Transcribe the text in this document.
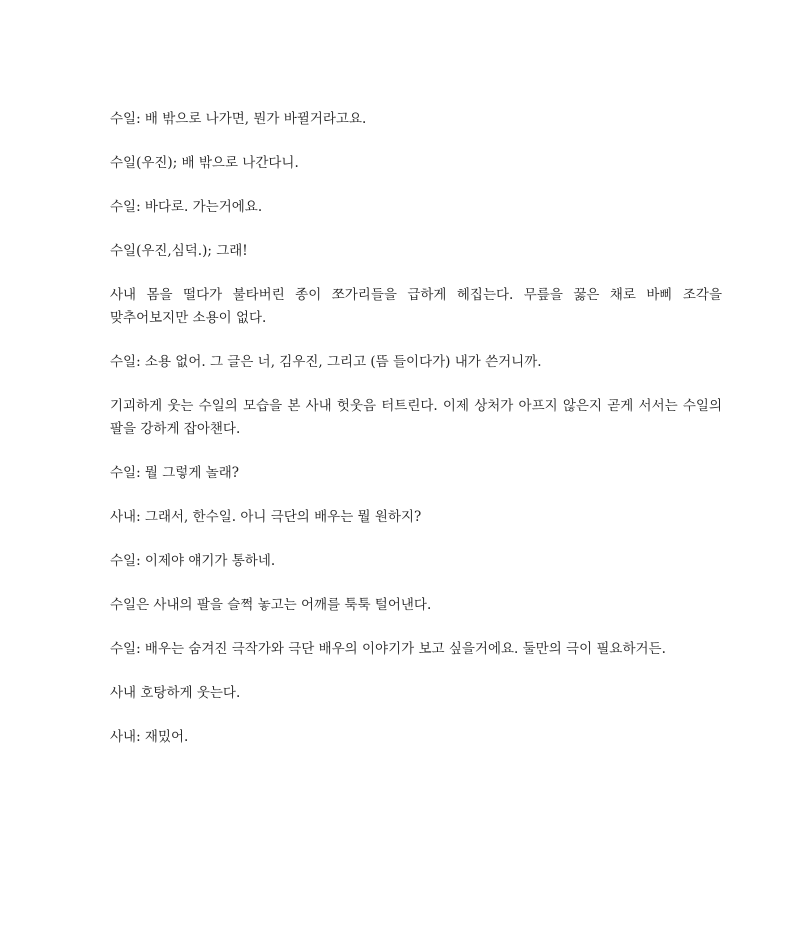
수일: 배 밖으로 나가면, 뭔가 바뀔거라고요.

수일(우진); 배 밖으로 나간다니.

수일: 바다로. 가는거에요.

수일(우진,심덕.); 그래!

사내 몸을 떨다가 불타버린 종이 쪼가리들을 급하게 헤집는다. 무릎을 꿇은 채로 바삐 조각을 맞추어보지만 소용이 없다.

수일: 소용 없어. 그 글은 너, 김우진, 그리고 (뜸 들이다가) 내가 쓴거니까.

기괴하게 웃는 수일의 모습을 본 사내 헛웃음 터트린다. 이제 상처가 아프지 않은지 곧게 서서는 수일의 팔을 강하게 잡아챈다.

수일: 뭘 그렇게 놀래?

사내: 그래서, 한수일. 아니 극단의 배우는 뭘 원하지?

수일: 이제야 얘기가 통하네.

수일은 사내의 팔을 슬쩍 놓고는 어깨를 툭툭 털어낸다.

수일: 배우는 숨겨진 극작가와 극단 배우의 이야기가 보고 싶을거에요. 둘만의 극이 필요하거든.

사내 호탕하게 웃는다.

사내: 재밌어.
